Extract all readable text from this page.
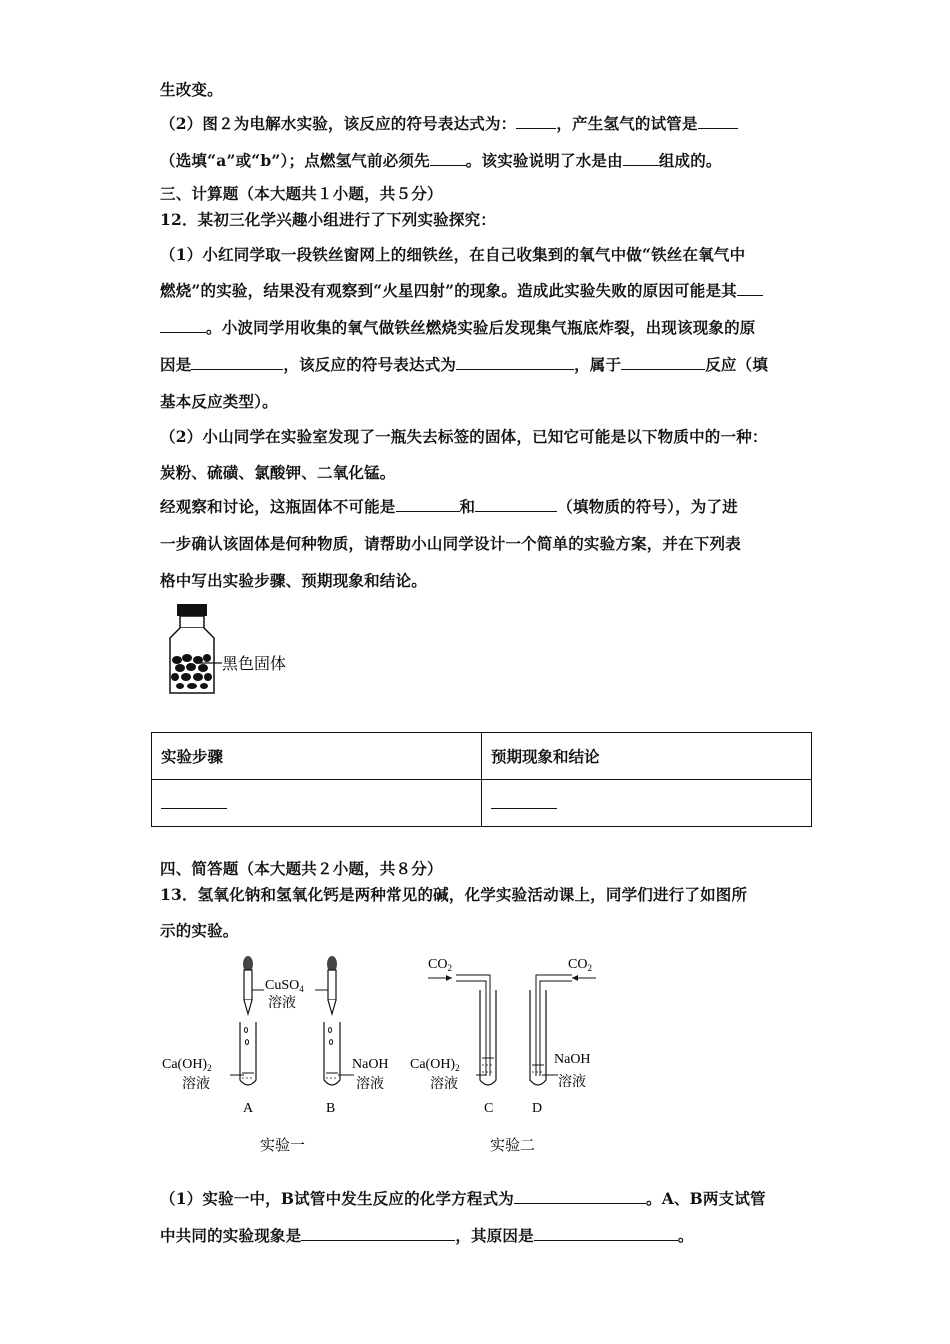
生改变。
（2）图２为电解水实验，该反应的符号表达式为：	，产生氢气的试管是
（选填“a”或“b”）；点燃氢气前必须先 。该实验说明了水是由 组成的。
三、计算题（本大题共１小题，共５分）
12．某初三化学兴趣小组进行了下列实验探究：
（1）小红同学取一段铁丝窗网上的细铁丝，在自己收集到的氧气中做“铁丝在氧气中
燃烧”的实验，结果没有观察到“火星四射”的现象。造成此实验失败的原因可能是其
。小波同学用收集的氧气做铁丝燃烧实验后发现集气瓶底炸裂，出现该现象的原
因是	，该反应的符号表达式为	，属于	反应（填
基本反应类型）。
（2）小山同学在实验室发现了一瓶失去标签的固体，已知它可能是以下物质中的一种：
炭粉、硫磺、氯酸钾、二氧化锰。
经观察和讨论，这瓶固体不可能是	和	（填物质的符号），为了进
一步确认该固体是何种物质，请帮助小山同学设计一个简单的实验方案，并在下列表
格中写出实验步骤、预期现象和结论。
黑色固体
实验步骤	预期现象和结论

四、简答题（本大题共２小题，共８分）
13．氢氧化钠和氢氧化钙是两种常见的碱，化学实验活动课上，同学们进行了如图所
示的实验。
CuSO$_4$
溶液
$Ca(OH)_2$
溶液
NaOH
溶液
A	B
实验一
$CO_2$	$CO_2$
$Ca(OH)_2$
溶液
NaOH
溶液
C	D
实验二
（1）实验一中，B试管中发生反应的化学方程式为	。A、B两支试管
中共同的实验现象是	，其原因是	。
